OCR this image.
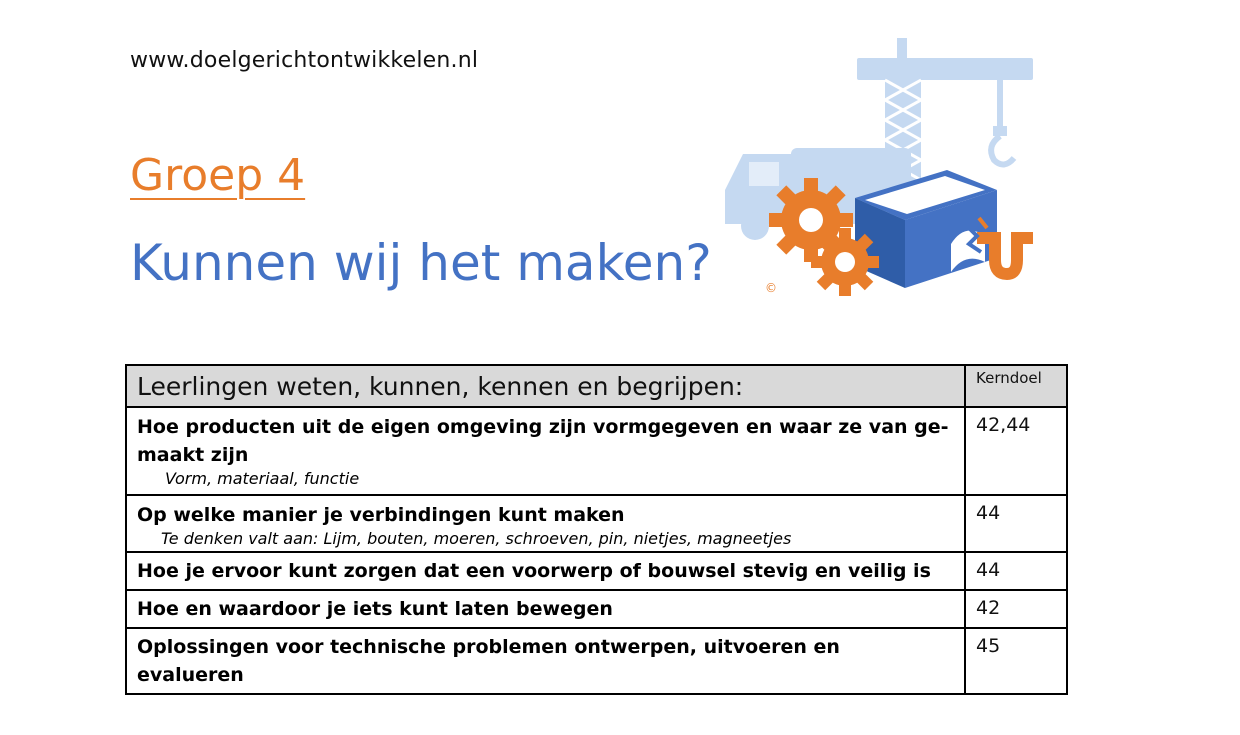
www.doelgerichtontwikkelen.nl
Groep 4
Kunnen wij het maken?	©
Leerlingen weten, kunnen, kennen en begrijpen:	Kerndoel

Hoe producten uit de eigen omgeving zijn vormgegeven en waar ze van ge-maakt zijn
Vorm, materiaal, functie	42,44

Op welke manier je verbindingen kunt maken
Te denken valt aan: Lijm, bouten, moeren, schroeven, pin, nietjes, magneetjes	44

Hoe je ervoor kunt zorgen dat een voorwerp of bouwsel stevig en veilig is	44

Hoe en waardoor je iets kunt laten bewegen	42

Oplossingen voor technische problemen ontwerpen, uitvoeren en evalueren	45
